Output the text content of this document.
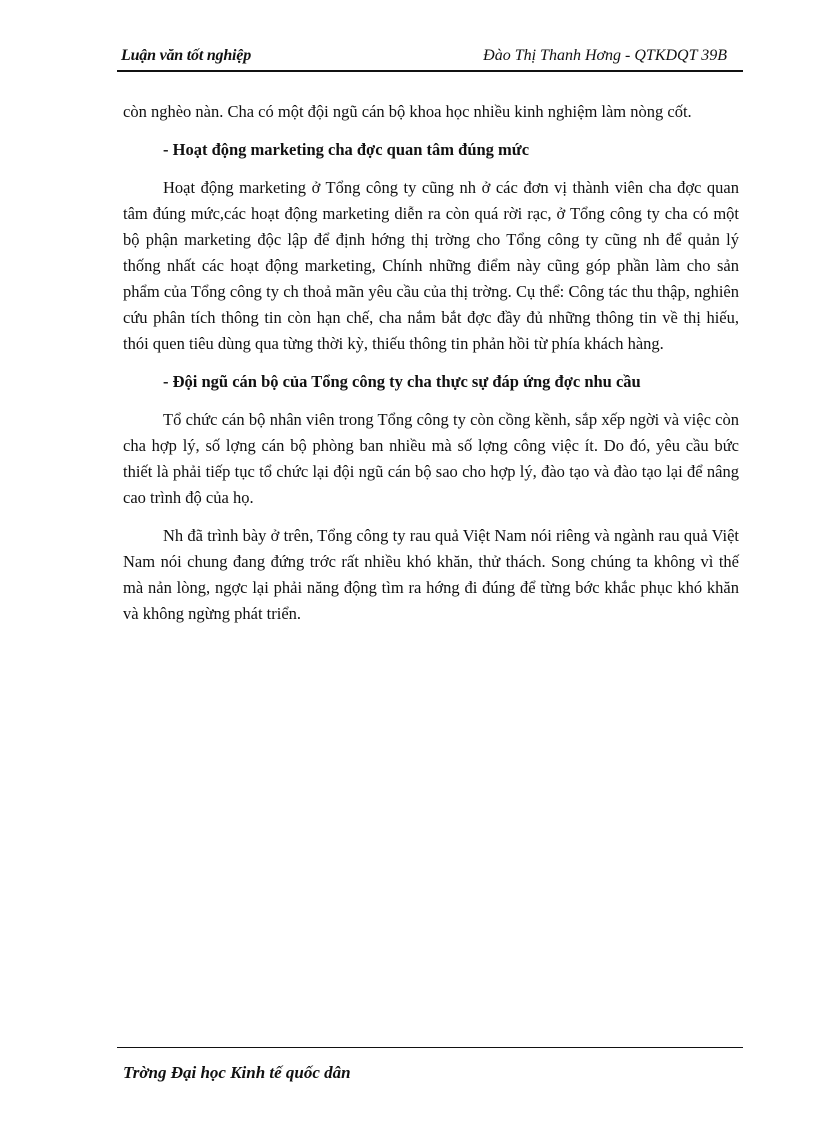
Luận văn tốt nghiệp	Đào Thị Thanh Hơng - QTKDQT 39B

còn nghèo nàn. Cha có một đội ngũ cán bộ khoa học nhiều kinh nghiệm làm nòng cốt.

- Hoạt động marketing cha đợc quan tâm đúng mức

Hoạt động marketing ở Tổng công ty cũng nh ở các đơn vị thành viên cha đợc quan tâm đúng mức,các hoạt động marketing diễn ra còn quá rời rạc, ở Tổng công ty cha có một bộ phận marketing độc lập để định hớng thị trờng cho Tổng công ty cũng nh để quản lý thống nhất các hoạt động marketing, Chính những điểm này cũng góp phần làm cho sản phẩm của Tổng công ty ch thoả mãn yêu cầu của thị trờng. Cụ thể: Công tác thu thập, nghiên cứu phân tích thông tin còn hạn chế, cha nắm bắt đợc đầy đủ những thông tin về thị hiếu, thói quen tiêu dùng qua từng thời kỳ, thiếu thông tin phản hồi từ phía khách hàng.

- Đội ngũ cán bộ của Tổng công ty cha thực sự đáp ứng đợc nhu cầu

Tổ chức cán bộ nhân viên trong Tổng công ty còn cồng kềnh, sắp xếp ngời và việc còn cha hợp lý, số lợng cán bộ phòng ban nhiều mà số lợng công việc ít. Do đó, yêu cầu bức thiết là phải tiếp tục tổ chức lại đội ngũ cán bộ sao cho hợp lý, đào tạo và đào tạo lại để nâng cao trình độ của họ.

Nh đã trình bày ở trên, Tổng công ty rau quả Việt Nam nói riêng và ngành rau quả Việt Nam nói chung đang đứng trớc rất nhiều khó khăn, thử thách. Song chúng ta không vì thế mà nản lòng, ngợc lại phải năng động tìm ra hớng đi đúng để từng bớc khắc phục khó khăn và không ngừng phát triển.

Trờng Đại học Kinh tế quốc dân
